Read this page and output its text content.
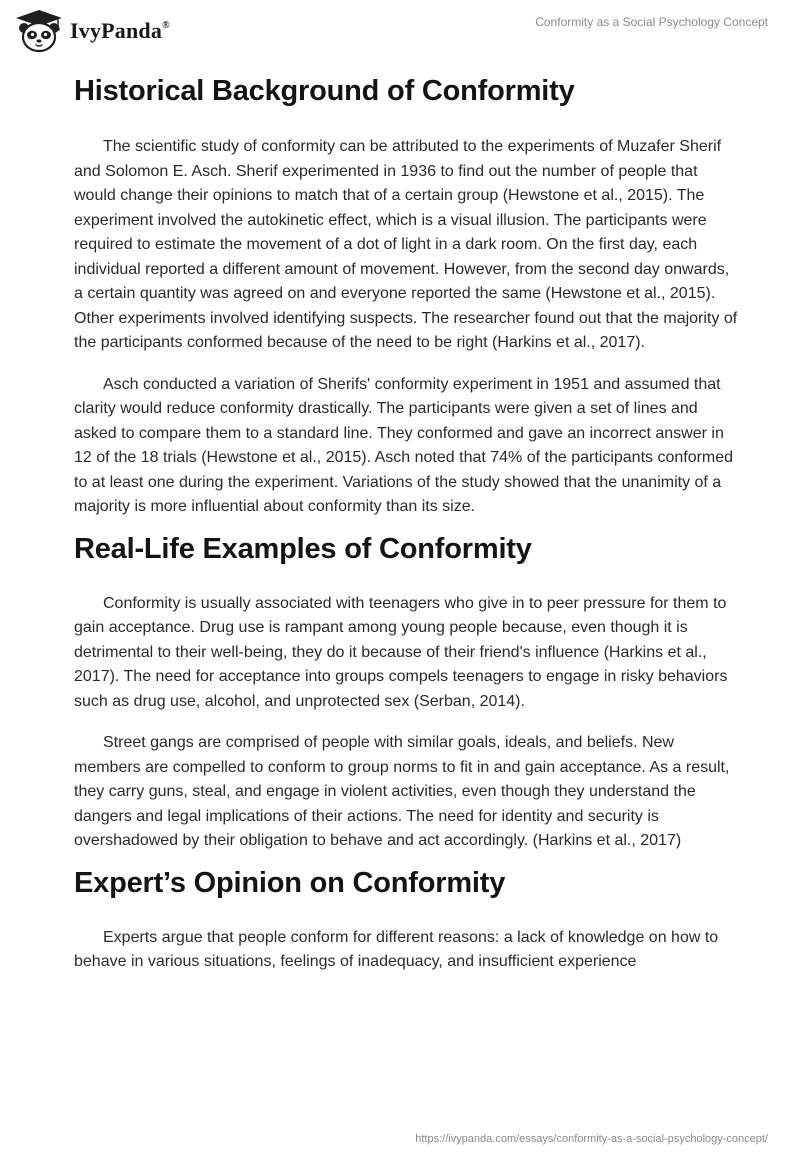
IvyPanda®	Conformity as a Social Psychology Concept
Historical Background of Conformity

The scientific study of conformity can be attributed to the experiments of Muzafer Sherif and Solomon E. Asch. Sherif experimented in 1936 to find out the number of people that would change their opinions to match that of a certain group (Hewstone et al., 2015). The experiment involved the autokinetic effect, which is a visual illusion. The participants were required to estimate the movement of a dot of light in a dark room. On the first day, each individual reported a different amount of movement. However, from the second day onwards, a certain quantity was agreed on and everyone reported the same (Hewstone et al., 2015). Other experiments involved identifying suspects. The researcher found out that the majority of the participants conformed because of the need to be right (Harkins et al., 2017).

Asch conducted a variation of Sherifs' conformity experiment in 1951 and assumed that clarity would reduce conformity drastically. The participants were given a set of lines and asked to compare them to a standard line. They conformed and gave an incorrect answer in 12 of the 18 trials (Hewstone et al., 2015). Asch noted that 74% of the participants conformed to at least one during the experiment. Variations of the study showed that the unanimity of a majority is more influential about conformity than its size.

Real-Life Examples of Conformity

Conformity is usually associated with teenagers who give in to peer pressure for them to gain acceptance. Drug use is rampant among young people because, even though it is detrimental to their well-being, they do it because of their friend's influence (Harkins et al., 2017). The need for acceptance into groups compels teenagers to engage in risky behaviors such as drug use, alcohol, and unprotected sex (Serban, 2014).

Street gangs are comprised of people with similar goals, ideals, and beliefs. New members are compelled to conform to group norms to fit in and gain acceptance. As a result, they carry guns, steal, and engage in violent activities, even though they understand the dangers and legal implications of their actions. The need for identity and security is overshadowed by their obligation to behave and act accordingly. (Harkins et al., 2017)

Expert’s Opinion on Conformity

Experts argue that people conform for different reasons: a lack of knowledge on how to behave in various situations, feelings of inadequacy, and insufficient experience

https://ivypanda.com/essays/conformity-as-a-social-psychology-concept/
